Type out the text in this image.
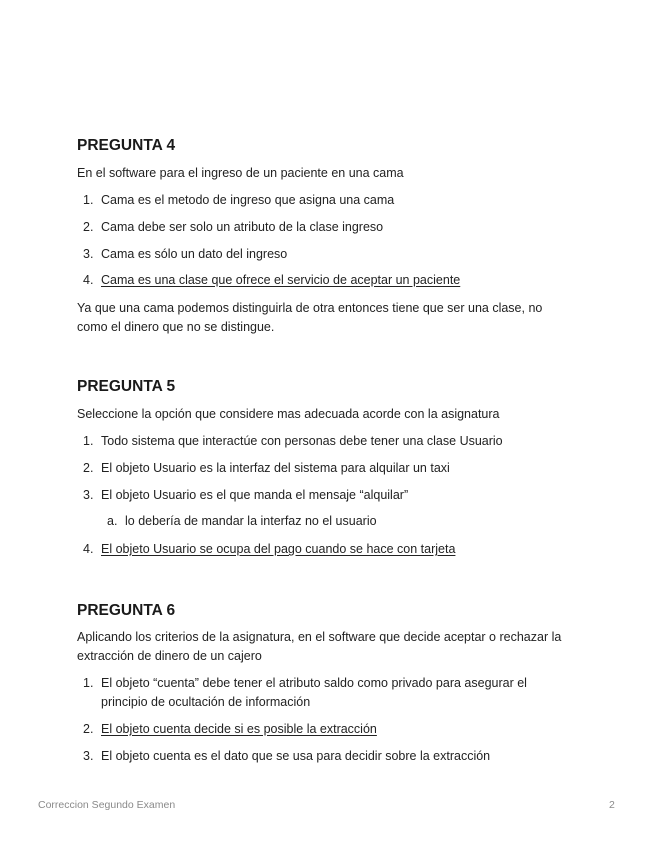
PREGUNTA 4
En el software para el ingreso de un paciente en una cama
1. Cama es el metodo de ingreso que asigna una cama
2. Cama debe ser solo un atributo de la clase ingreso
3. Cama es sólo un dato del ingreso
4. Cama es una clase que ofrece el servicio de aceptar un paciente
Ya que una cama podemos distinguirla de otra entonces tiene que ser una clase, no
como el dinero que no se distingue.
PREGUNTA 5
Seleccione la opción que considere mas adecuada acorde con la asignatura
1. Todo sistema que interactúe con personas debe tener una clase Usuario
2. El objeto Usuario es la interfaz del sistema para alquilar un taxi
3. El objeto Usuario es el que manda el mensaje “alquilar”
a. lo debería de mandar la interfaz no el usuario
4. El objeto Usuario se ocupa del pago cuando se hace con tarjeta
PREGUNTA 6
Aplicando los criterios de la asignatura, en el software que decide aceptar o rechazar la
extracción de dinero de un cajero
1. El objeto “cuenta” debe tener el atributo saldo como privado para asegurar el
principio de ocultación de información
2. El objeto cuenta decide si es posible la extracción
3. El objeto cuenta es el dato que se usa para decidir sobre la extracción
Correccion Segundo Examen	2
